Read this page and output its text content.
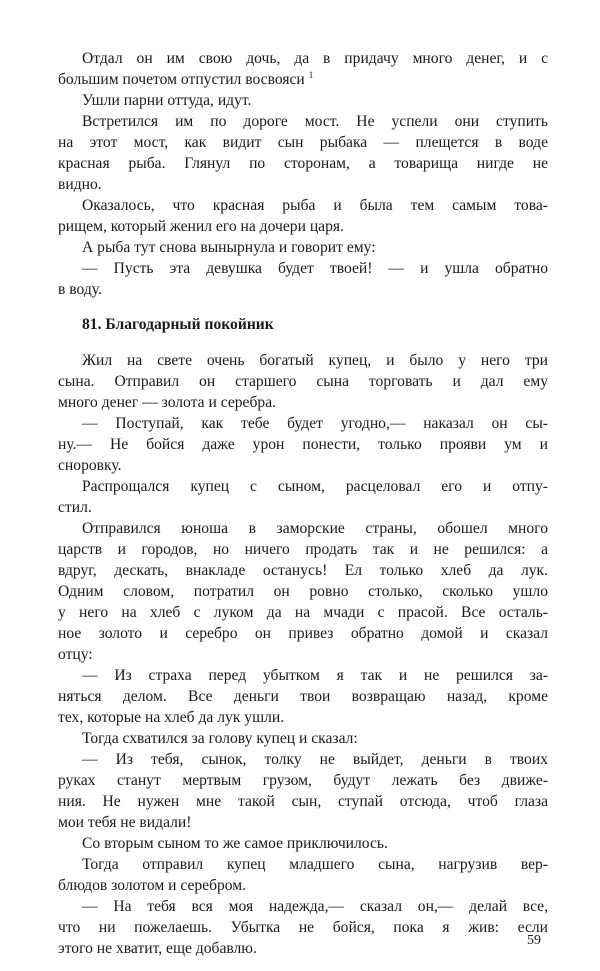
Отдал он им свою дочь, да в придачу много денег, и с
большим почетом отпустил восвояси $^1$
Ушли парни оттуда, идут.
Встретился им по дороге мост. Не успели они ступить
на этот мост, как видит сын рыбака — плещется в воде
красная рыба. Глянул по сторонам, а товарища нигде не
видно.
Оказалось, что красная рыба и была тем самым това-
рищем, который женил его на дочери царя.
А рыба тут снова вынырнула и говорит ему:
— Пусть эта девушка будет твоей! — и ушла обратно
в воду.
81. Благодарный покойник
Жил на свете очень богатый купец, и было у него три
сына. Отправил он старшего сына торговать и дал ему
много денег — золота и серебра.
— Поступай, как тебе будет угодно,— наказал он сы-
ну.— Не бойся даже урон понести, только прояви ум и
сноровку.
Распрощался купец с сыном, расцеловал его и отпу-
стил.
Отправился юноша в заморские страны, обошел много
царств и городов, но ничего продать так и не решился: а
вдруг, дескать, внакладе останусь! Ел только хлеб да лук.
Одним словом, потратил он ровно столько, сколько ушло
у него на хлеб с луком да на мчади с прасой. Все осталь-
ное золото и серебро он привез обратно домой и сказал
отцу:
— Из страха перед убытком я так и не решился за-
няться делом. Все деньги твои возвращаю назад, кроме
тех, которые на хлеб да лук ушли.
Тогда схватился за голову купец и сказал:
— Из тебя, сынок, толку не выйдет, деньги в твоих
руках станут мертвым грузом, будут лежать без движе-
ния. Не нужен мне такой сын, ступай отсюда, чтоб глаза
мои тебя не видали!
Со вторым сыном то же самое приключилось.
Тогда отправил купец младшего сына, нагрузив вер-
блюдов золотом и серебром.
— На тебя вся моя надежда,— сказал он,— делай все,
что ни пожелаешь. Убытка не бойся, пока я жив: если
этого не хватит, еще добавлю.	59
